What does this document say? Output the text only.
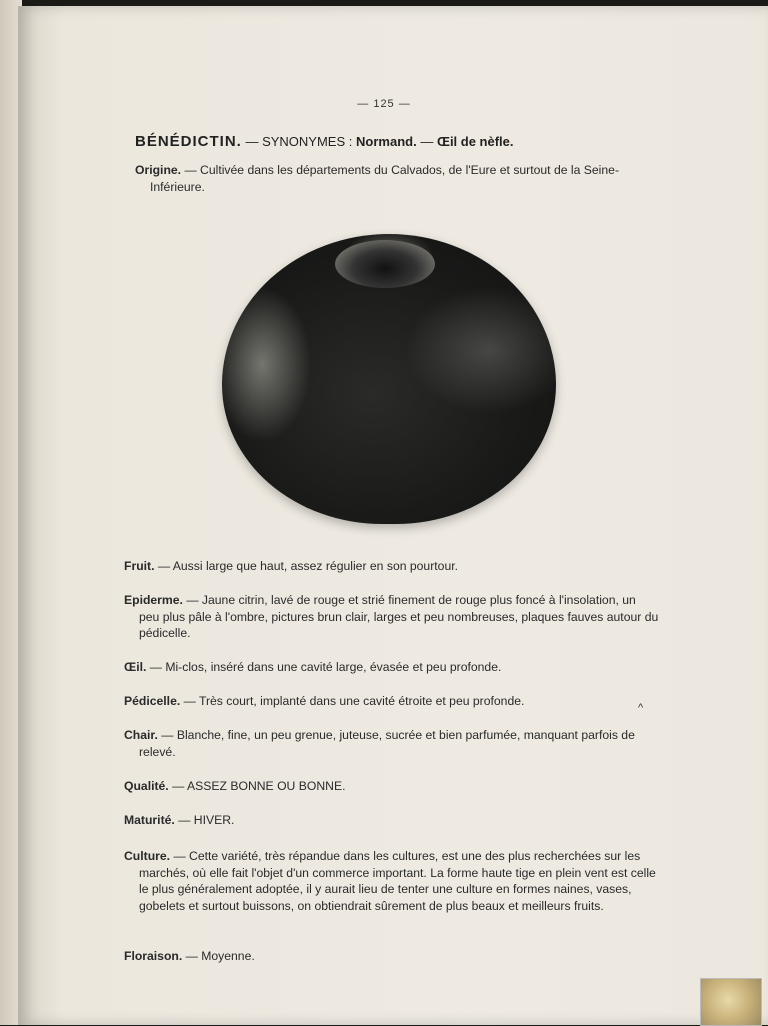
— 125 —
BÉNÉDICTIN. — SYNONYMES : Normand. — Œil de nèfle.
Origine. — Cultivée dans les départements du Calvados, de l'Eure et surtout de la Seine-Inférieure.
Fruit. — Aussi large que haut, assez régulier en son pourtour.
Epiderme. — Jaune citrin, lavé de rouge et strié finement de rouge plus foncé à l'insolation, un peu plus pâle à l'ombre, pictures brun clair, larges et peu nombreuses, plaques fauves autour du pédicelle.
Œil. — Mi-clos, inséré dans une cavité large, évasée et peu profonde.
Pédicelle. — Très court, implanté dans une cavité étroite et peu profonde.	^
Chair. — Blanche, fine, un peu grenue, juteuse, sucrée et bien parfumée, manquant parfois de relevé.
Qualité. — ASSEZ BONNE OU BONNE.
Maturité. — HIVER.
Culture. — Cette variété, très répandue dans les cultures, est une des plus recherchées sur les marchés, où elle fait l'objet d'un commerce important. La forme haute tige en plein vent est celle le plus généralement adoptée, il y aurait lieu de tenter une culture en formes naines, vases, gobelets et surtout buissons, on obtiendrait sûrement de plus beaux et meilleurs fruits.
Floraison. — Moyenne.
